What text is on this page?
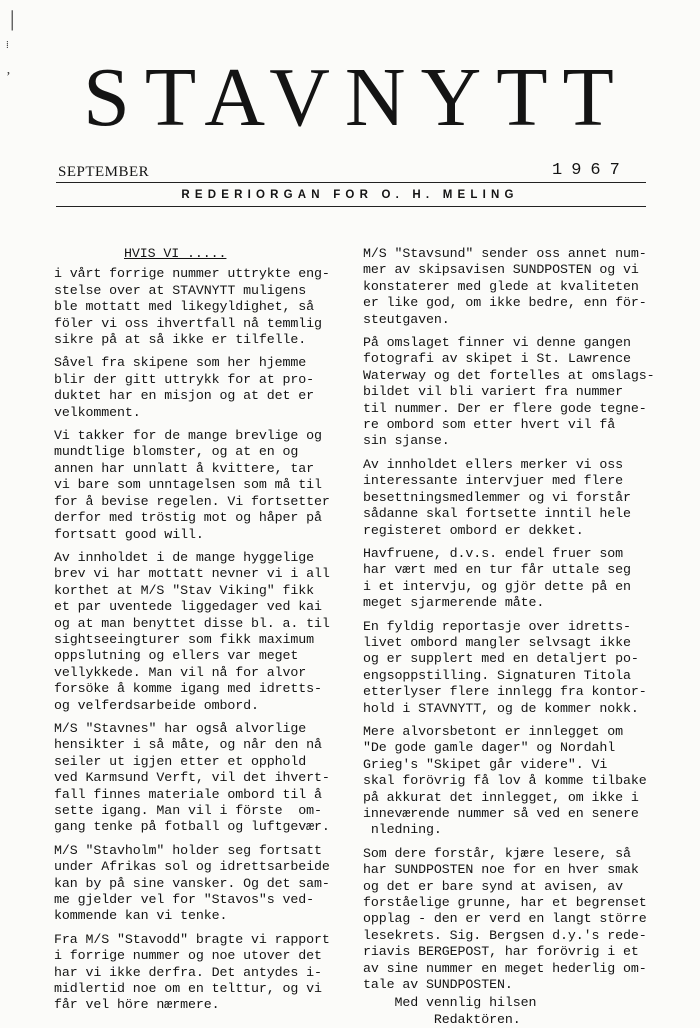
|
⁞
ʼ STAVNYTT
SEPTEMBER	1967
REDERIORGAN FOR O. H. MELING
HVIS VI .....

i vårt forrige nummer uttrykte eng-
stelse over at STAVNYTT muligens
ble mottatt med likegyldighet, så
föler vi oss ihvertfall nå temmlig
sikre på at så ikke er tilfelle.

Såvel fra skipene som her hjemme
blir der gitt uttrykk for at pro-
duktet har en misjon og at det er
velkomment.

Vi takker for de mange brevlige og
mundtlige blomster, og at en og
annen har unnlatt å kvittere, tar
vi bare som unntagelsen som må til
for å bevise regelen. Vi fortsetter
derfor med tröstig mot og håper på
fortsatt good will.

Av innholdet i de mange hyggelige
brev vi har mottatt nevner vi i all
korthet at M/S "Stav Viking" fikk
et par uventede liggedager ved kai
og at man benyttet disse bl. a. til
sightseeingturer som fikk maximum
oppslutning og ellers var meget
vellykkede. Man vil nå for alvor
forsöke å komme igang med idretts-
og velferdsarbeide ombord.

M/S "Stavnes" har også alvorlige
hensikter i så måte, og når den nå
seiler ut igjen etter et opphold
ved Karmsund Verft, vil det ihvert-
fall finnes materiale ombord til å
sette igang. Man vil i förste  om-
gang tenke på fotball og luftgevær.

M/S "Stavholm" holder seg fortsatt
under Afrikas sol og idrettsarbeide
kan by på sine vansker. Og det sam-
me gjelder vel for "Stavos"s ved-
kommende kan vi tenke.

Fra M/S "Stavodd" bragte vi rapport
i forrige nummer og noe utover det
har vi ikke derfra. Det antydes i-
midlertid noe om en telttur, og vi
får vel höre nærmere.

M/S "Stavsund" sender oss annet num-
mer av skipsavisen SUNDPOSTEN og vi
konstaterer med glede at kvaliteten
er like god, om ikke bedre, enn för-
steutgaven.

På omslaget finner vi denne gangen
fotografi av skipet i St. Lawrence
Waterway og det fortelles at omslags-
bildet vil bli variert fra nummer
til nummer. Der er flere gode tegne-
re ombord som etter hvert vil få
sin sjanse.

Av innholdet ellers merker vi oss
interessante intervjuer med flere
besettningsmedlemmer og vi forstår
sådanne skal fortsette inntil hele
registeret ombord er dekket.

Havfruene, d.v.s. endel fruer som
har vært med en tur får uttale seg
i et intervju, og gjör dette på en
meget sjarmerende måte.

En fyldig reportasje over idretts-
livet ombord mangler selvsagt ikke
og er supplert med en detaljert po-
engsoppstilling. Signaturen Titola
etterlyser flere innlegg fra kontor-
hold i STAVNYTT, og de kommer nokk.

Mere alvorsbetont er innlegget om
"De gode gamle dager" og Nordahl
Grieg's "Skipet går videre". Vi
skal forövrig få lov å komme tilbake
på akkurat det innlegget, om ikke i
inneværende nummer så ved en senere
nledning.

Som dere forstår, kjære lesere, så
har SUNDPOSTEN noe for en hver smak
og det er bare synd at avisen, av
forståelige grunne, har et begrenset
opplag - den er verd en langt större
lesekrets. Sig. Bergsen d.y.'s rede-
riavis BERGEPOST, har forövrig i et
av sine nummer en meget hederlig om-
tale av SUNDPOSTEN.

Med vennlig hilsen

Redaktören.
